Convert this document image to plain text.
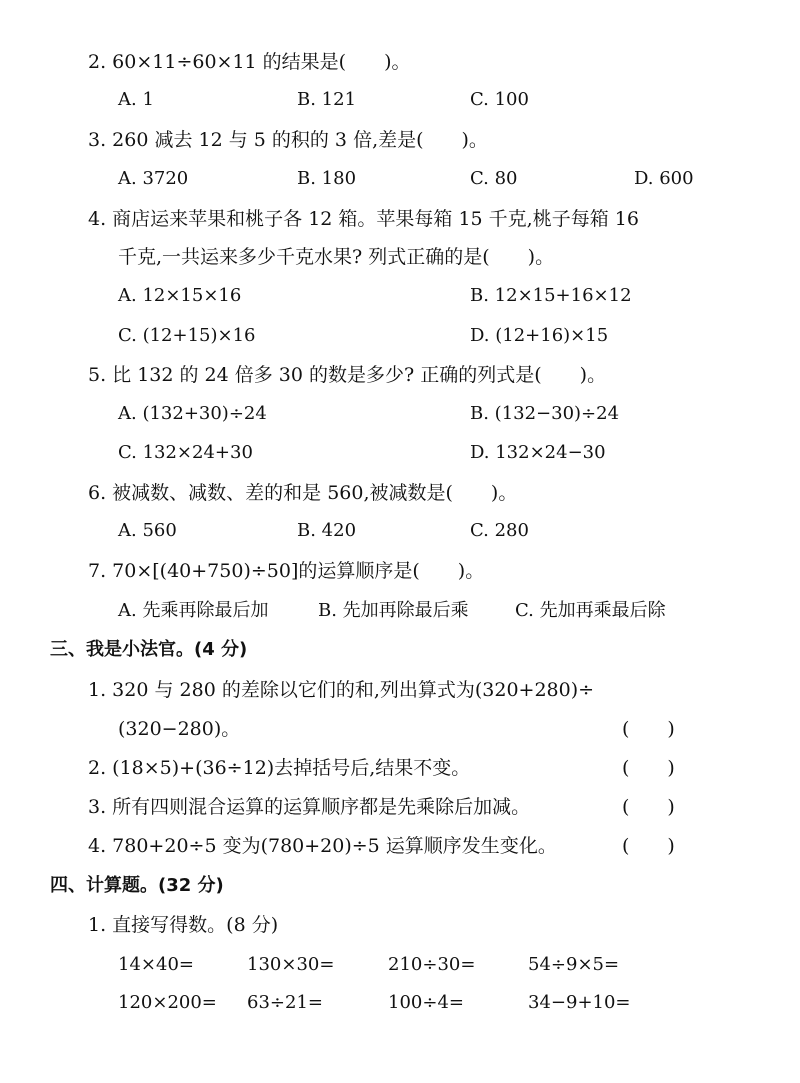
2. 60×11÷60×11 的结果是(　　)。
A. 1	B. 121	C. 100
3. 260 减去 12 与 5 的积的 3 倍,差是(　　)。
A. 3720	B. 180	C. 80	D. 600
4. 商店运来苹果和桃子各 12 箱。苹果每箱 15 千克,桃子每箱 16
千克,一共运来多少千克水果? 列式正确的是(　　)。
A. 12×15×16	B. 12×15+16×12
C. (12+15)×16	D. (12+16)×15
5. 比 132 的 24 倍多 30 的数是多少? 正确的列式是(　　)。
A. (132+30)÷24	B. (132−30)÷24
C. 132×24+30	D. 132×24−30
6. 被减数、减数、差的和是 560,被减数是(　　)。
A. 560	B. 420	C. 280
7. 70×[(40+750)÷50]的运算顺序是(　　)。
A. 先乘再除最后加	B. 先加再除最后乘	C. 先加再乘最后除
三、我是小法官。(4 分)
1. 320 与 280 的差除以它们的和,列出算式为(320+280)÷
(320−280)。	(　　)
2. (18×5)+(36÷12)去掉括号后,结果不变。	(　　)
3. 所有四则混合运算的运算顺序都是先乘除后加减。	(　　)
4. 780+20÷5 变为(780+20)÷5 运算顺序发生变化。	(　　)
四、计算题。(32 分)
1. 直接写得数。(8 分)
14×40=	130×30=	210÷30=	54÷9×5=
120×200= 63÷21=	100÷4=	34−9+10=
